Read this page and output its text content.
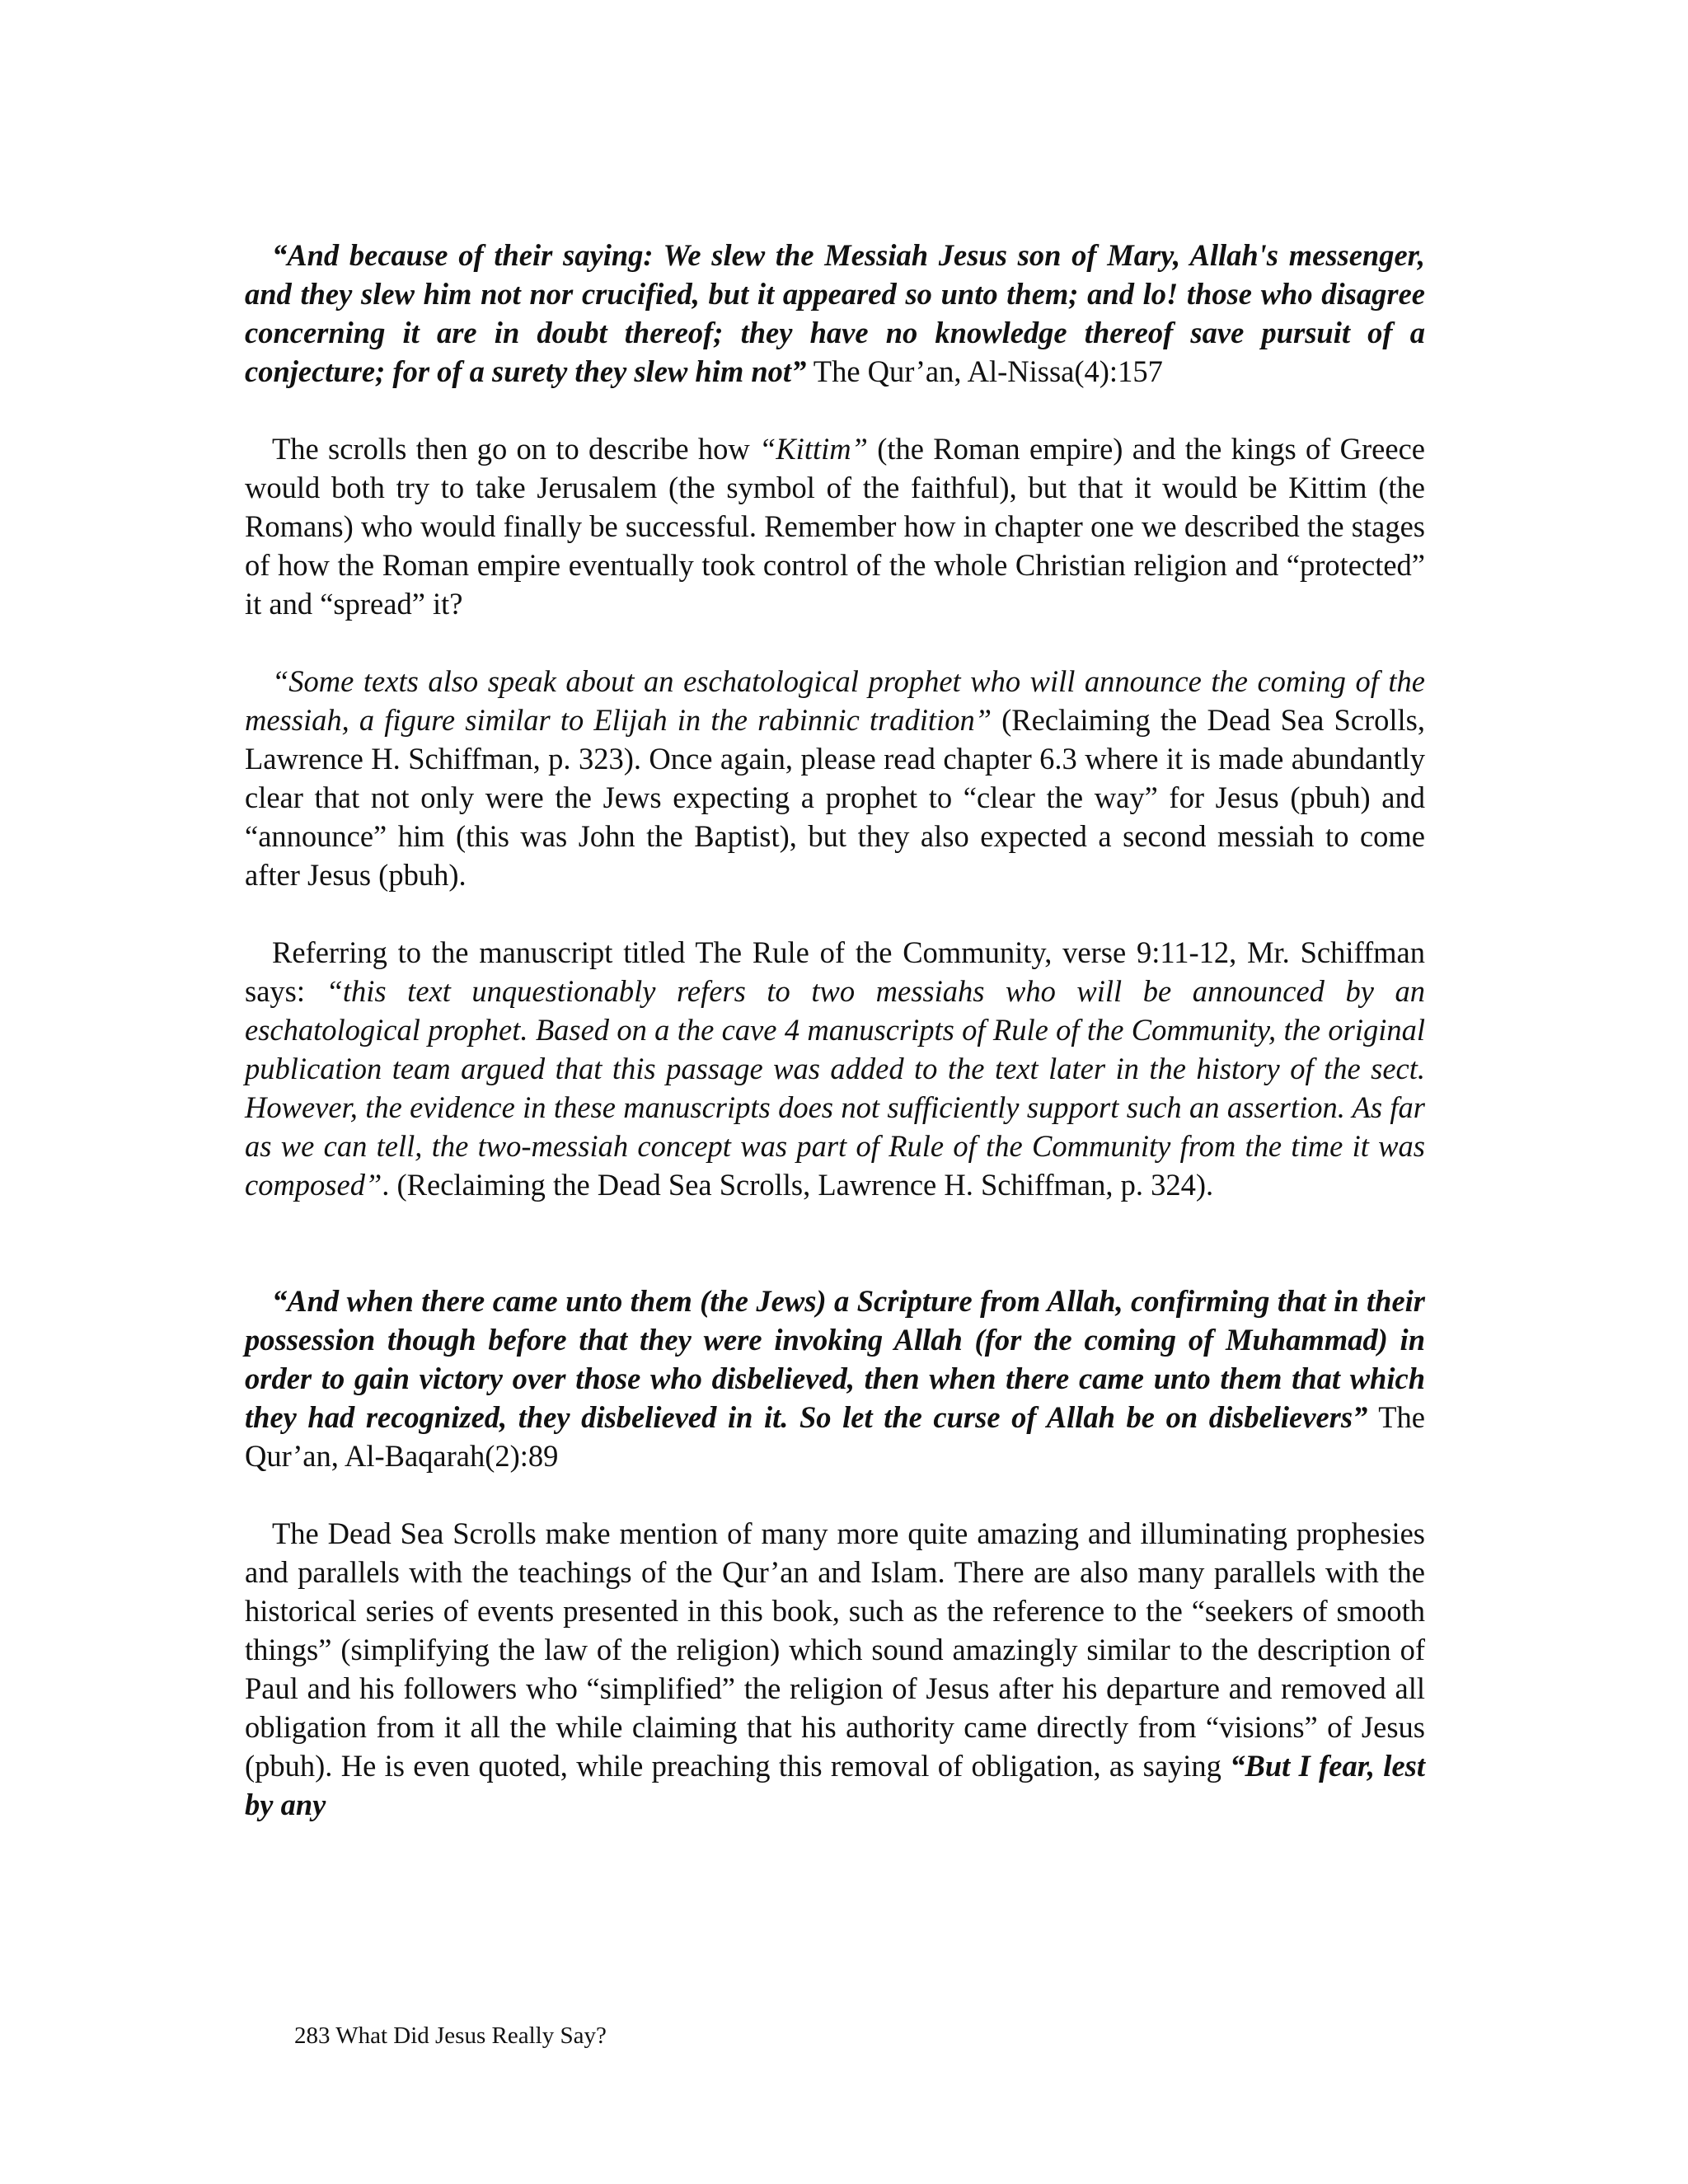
“And because of their saying: We slew the Messiah Jesus son of Mary, Allah's messenger, and they slew him not nor crucified, but it appeared so unto them; and lo! those who disagree concerning it are in doubt thereof; they have no knowledge thereof save pursuit of a conjecture; for of a surety they slew him not” The Qur’an, Al-Nissa(4):157

The scrolls then go on to describe how “Kittim” (the Roman empire) and the kings of Greece would both try to take Jerusalem (the symbol of the faithful), but that it would be Kittim (the Romans) who would finally be successful. Remember how in chapter one we described the stages of how the Roman empire eventually took control of the whole Christian religion and “protected” it and “spread” it?

“Some texts also speak about an eschatological prophet who will announce the coming of the messiah, a figure similar to Elijah in the rabinnic tradition” (Reclaiming the Dead Sea Scrolls, Lawrence H. Schiffman, p. 323). Once again, please read chapter 6.3 where it is made abundantly clear that not only were the Jews expecting a prophet to “clear the way” for Jesus (pbuh) and “announce” him (this was John the Baptist), but they also expected a second messiah to come after Jesus (pbuh).

Referring to the manuscript titled The Rule of the Community, verse 9:11-12, Mr. Schiffman says: “this text unquestionably refers to two messiahs who will be announced by an eschatological prophet. Based on a the cave 4 manuscripts of Rule of the Community, the original publication team argued that this passage was added to the text later in the history of the sect. However, the evidence in these manuscripts does not sufficiently support such an assertion. As far as we can tell, the two-messiah concept was part of Rule of the Community from the time it was composed”. (Reclaiming the Dead Sea Scrolls, Lawrence H. Schiffman, p. 324).

“And when there came unto them (the Jews) a Scripture from Allah, confirming that in their possession though before that they were invoking Allah (for the coming of Muhammad) in order to gain victory over those who disbelieved, then when there came unto them that which they had recognized, they disbelieved in it. So let the curse of Allah be on disbelievers” The Qur’an, Al-Baqarah(2):89

The Dead Sea Scrolls make mention of many more quite amazing and illuminating prophesies and parallels with the teachings of the Qur’an and Islam. There are also many parallels with the historical series of events presented in this book, such as the reference to the “seekers of smooth things” (simplifying the law of the religion) which sound amazingly similar to the description of Paul and his followers who “simplified” the religion of Jesus after his departure and removed all obligation from it all the while claiming that his authority came directly from “visions” of Jesus (pbuh). He is even quoted, while preaching this removal of obligation, as saying “But I fear, lest by any

283 What Did Jesus Really Say?
